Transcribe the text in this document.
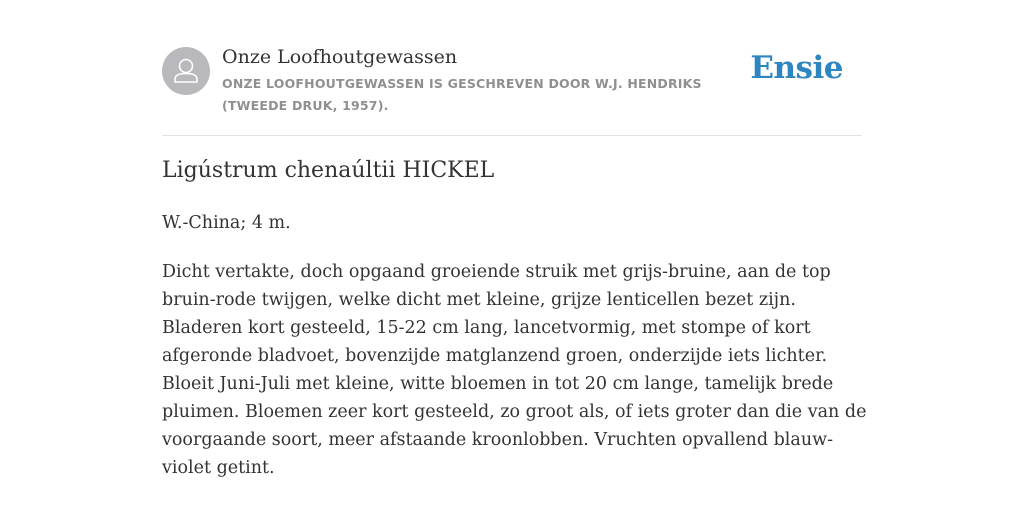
Onze Loofhoutgewassen
ONZE LOOFHOUTGEWASSEN IS GESCHREVEN DOOR W.J. HENDRIKS (TWEEDE DRUK, 1957).
Ensie
Ligústrum chenaúltii HICKEL
W.-China; 4 m.
Dicht vertakte, doch opgaand groeiende struik met grijs-bruine, aan de top bruin-rode twijgen, welke dicht met kleine, grijze lenticellen bezet zijn. Bladeren kort gesteeld, 15-22 cm lang, lancetvormig, met stompe of kort afgeronde bladvoet, bovenzijde matglanzend groen, onderzijde iets lichter. Bloeit Juni-Juli met kleine, witte bloemen in tot 20 cm lange, tamelijk brede pluimen. Bloemen zeer kort gesteeld, zo groot als, of iets groter dan die van de voorgaande soort, meer afstaande kroonlobben. Vruchten opvallend blauw-violet getint.
